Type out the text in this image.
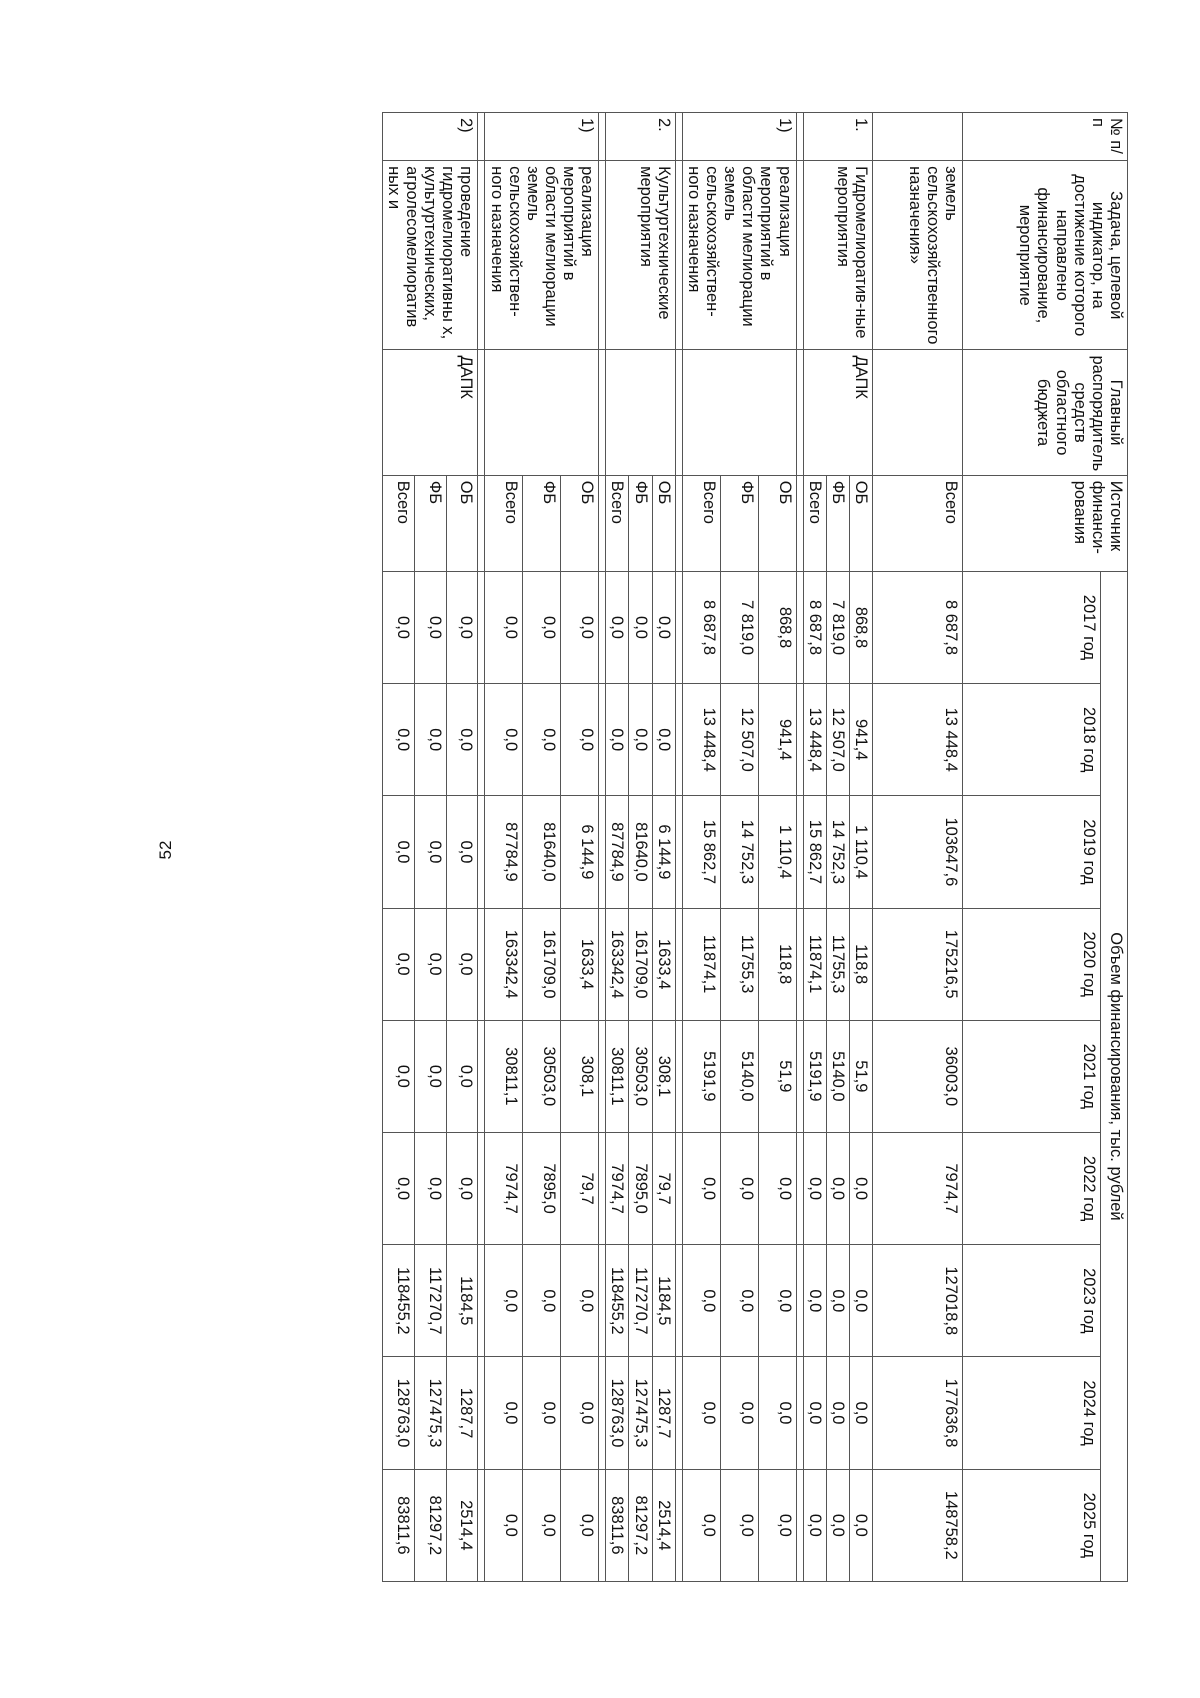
52
№ п/п	Задача, целевой индикатор, на достижение которого направлено финансирование, мероприятие	Главный распорядитель средств областного бюджета	Источник финанси-рования	Объем финансирования, тыс. рублей								
				2017 год	2018 год	2019 год	2020 год	2021 год	2022 год	2023 год	2024 год	2025 год
	земель сельскохозяйственного назначения»		Всего	8 687,8	13 448,4	103647,6	175216,5	36003,0	7974,7	127018,8	177636,8	148758,2
1.	Гидромелиоратив-ные мероприятия	ДАПК	ОБ	868,8	941,4	1 110,4	118,8	51,9	0,0	0,0	0,0	0,0
			ФБ	7 819,0	12 507,0	14 752,3	11755,3	5140,0	0,0	0,0	0,0	0,0
			Всего	8 687,8	13 448,4	15 862,7	11874,1	5191,9	0,0	0,0	0,0	0,0

1)	реализация мероприятий в области мелиорации земель сельскохозяйствен-ного назначения		ОБ	868,8	941,4	1 110,4	118,8	51,9	0,0	0,0	0,0	0,0
			ФБ	7 819,0	12 507,0	14 752,3	11755,3	5140,0	0,0	0,0	0,0	0,0
			Всего	8 687,8	13 448,4	15 862,7	11874,1	5191,9	0,0	0,0	0,0	0,0

2.	Культуртехнические мероприятия		ОБ	0,0	0,0	6 144,9	1633,4	308,1	79,7	1184,5	1287,7	2514,4
			ФБ	0,0	0,0	81640,0	161709,0	30503,0	7895,0	117270,7	127475,3	81297,2
			Всего	0,0	0,0	87784,9	163342,4	30811,1	7974,7	118455,2	128763,0	83811,6

1)	реализация мероприятий в области мелиорации земель сельскохозяйствен-ного назначения		ОБ	0,0	0,0	6 144,9	1633,4	308,1	79,7	0,0	0,0	0,0
			ФБ	0,0	0,0	81640,0	161709,0	30503,0	7895,0	0,0	0,0	0,0
			Всего	0,0	0,0	87784,9	163342,4	30811,1	7974,7	0,0	0,0	0,0

2)	проведение гидромелиоративны х, культуртехнических, агролесомелиоратив ных и	ДАПК	ОБ	0,0	0,0	0,0	0,0	0,0	0,0	1184,5	1287,7	2514,4
			ФБ	0,0	0,0	0,0	0,0	0,0	0,0	117270,7	127475,3	81297,2
			Всего	0,0	0,0	0,0	0,0	0,0	0,0	118455,2	128763,0	83811,6
